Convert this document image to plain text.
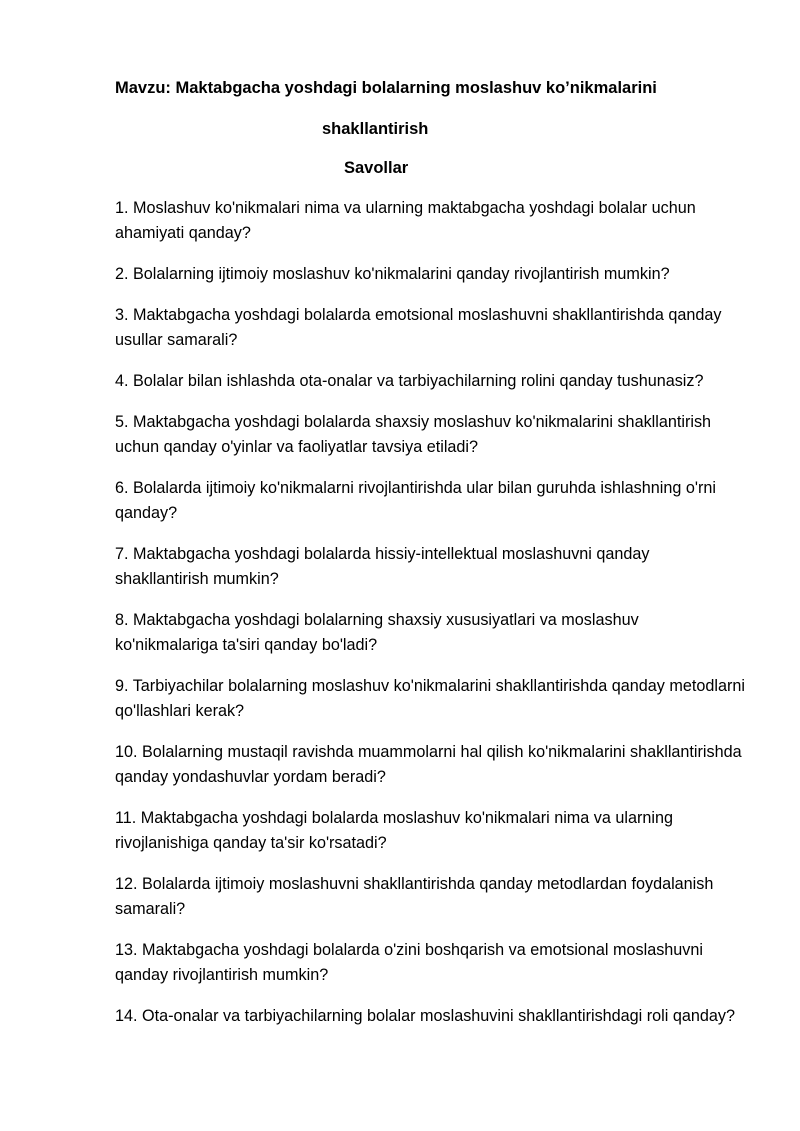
Mavzu: Maktabgacha yoshdagi bolalarning moslashuv ko’nikmalarini
shakllantirish
Savollar
1. Moslashuv ko'nikmalari nima va ularning maktabgacha yoshdagi bolalar uchun ahamiyati qanday?
2. Bolalarning ijtimoiy moslashuv ko'nikmalarini qanday rivojlantirish mumkin?
3. Maktabgacha yoshdagi bolalarda emotsional moslashuvni shakllantirishda qanday usullar samarali?
4. Bolalar bilan ishlashda ota-onalar va tarbiyachilarning rolini qanday tushunasiz?
5. Maktabgacha yoshdagi bolalarda shaxsiy moslashuv ko'nikmalarini shakllantirish uchun qanday o'yinlar va faoliyatlar tavsiya etiladi?
6. Bolalarda ijtimoiy ko'nikmalarni rivojlantirishda ular bilan guruhda ishlashning o'rni qanday?
7. Maktabgacha yoshdagi bolalarda hissiy-intellektual moslashuvni qanday shakllantirish mumkin?
8. Maktabgacha yoshdagi bolalarning shaxsiy xususiyatlari va moslashuv ko'nikmalariga ta'siri qanday bo'ladi?
9. Tarbiyachilar bolalarning moslashuv ko'nikmalarini shakllantirishda qanday metodlarni qo'llashlari kerak?
10. Bolalarning mustaqil ravishda muammolarni hal qilish ko'nikmalarini shakllantirishda qanday yondashuvlar yordam beradi?
11. Maktabgacha yoshdagi bolalarda moslashuv ko'nikmalari nima va ularning rivojlanishiga qanday ta'sir ko'rsatadi?
12. Bolalarda ijtimoiy moslashuvni shakllantirishda qanday metodlardan foydalanish samarali?
13. Maktabgacha yoshdagi bolalarda o'zini boshqarish va emotsional moslashuvni qanday rivojlantirish mumkin?
14. Ota-onalar va tarbiyachilarning bolalar moslashuvini shakllantirishdagi roli qanday?
